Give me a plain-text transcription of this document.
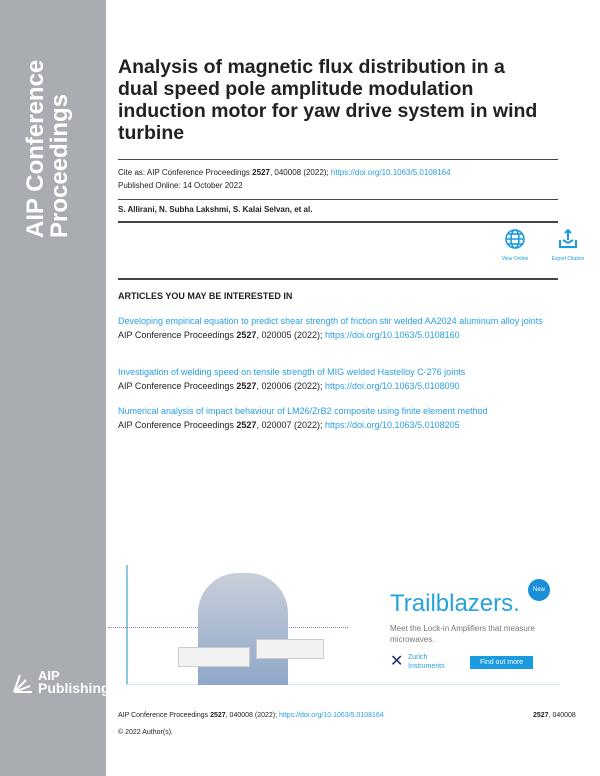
AIP Conference
Proceedings
AIP
Publishing
Analysis of magnetic flux distribution in a dual speed pole amplitude modulation induction motor for yaw drive system in wind turbine
Cite as: AIP Conference Proceedings 2527, 040008 (2022); https://doi.org/10.1063/5.0108164
Published Online: 14 October 2022
S. Allirani, N. Subha Lakshmi, S. Kalai Selvan, et al.
View Online	Export Citation
ARTICLES YOU MAY BE INTERESTED IN
Developing empirical equation to predict shear strength of friction stir welded AA2024 aluminum alloy joints
AIP Conference Proceedings 2527, 020005 (2022); https://doi.org/10.1063/5.0108160
Investigation of welding speed on tensile strength of MIG welded Hastelloy C-276 joints
AIP Conference Proceedings 2527, 020006 (2022); https://doi.org/10.1063/5.0108090
Numerical analysis of impact behaviour of LM26/ZrB2 composite using finite element method
AIP Conference Proceedings 2527, 020007 (2022); https://doi.org/10.1063/5.0108205
Trailblazers.	New
Meet the Lock-in Amplifiers that measure microwaves.
✕ Zurich
Instruments
Find out more
AIP Conference Proceedings 2527, 040008 (2022); https://doi.org/10.1063/5.0108164	2527, 040008
© 2022 Author(s).
